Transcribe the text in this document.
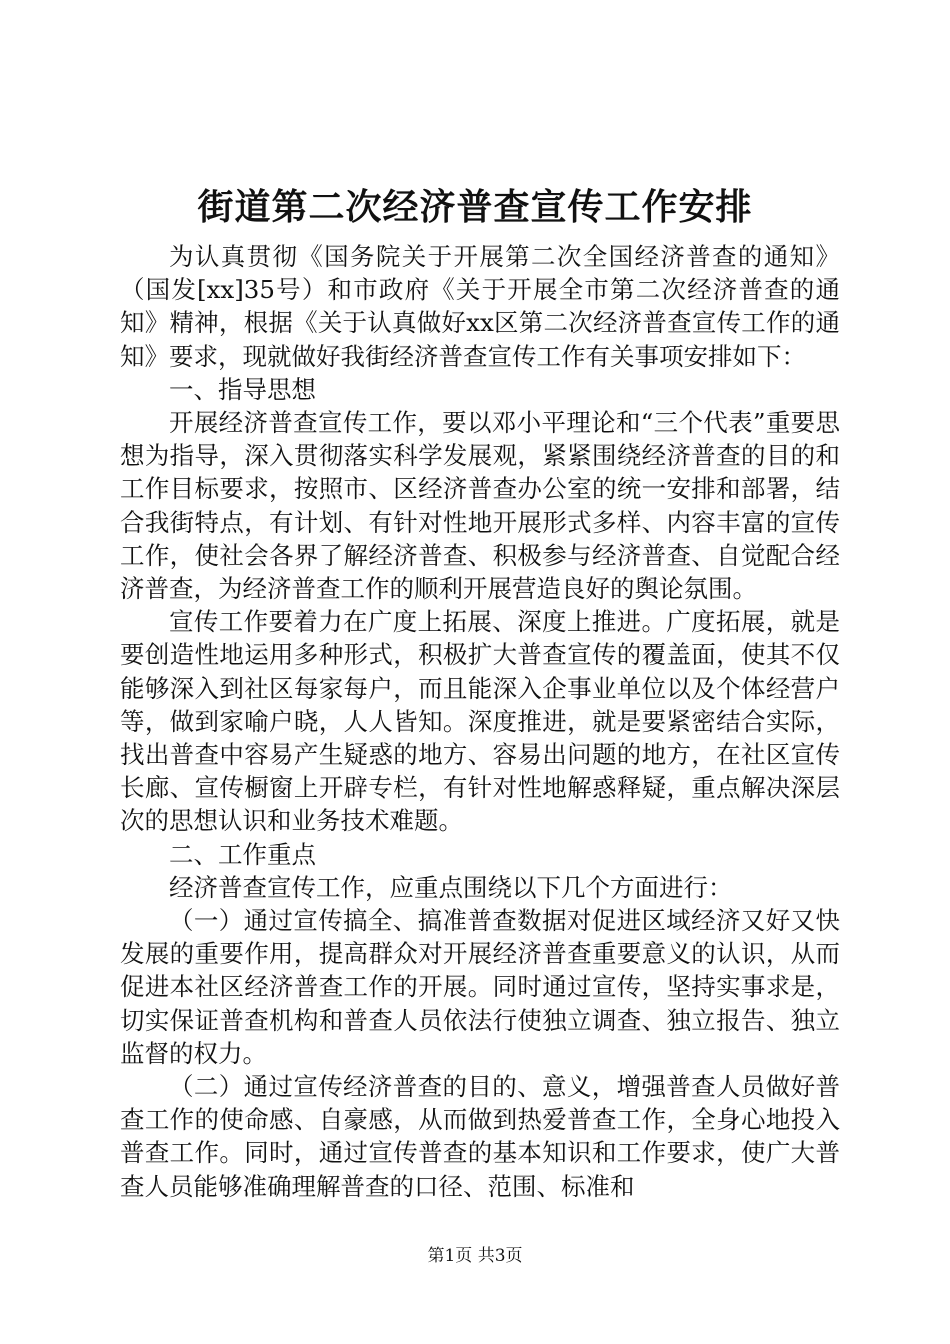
街道第二次经济普查宣传工作安排

为认真贯彻《国务院关于开展第二次全国经济普查的通知》（国发[xx]35号）和市政府《关于开展全市第二次经济普查的通知》精神，根据《关于认真做好xx区第二次经济普查宣传工作的通知》要求，现就做好我街经济普查宣传工作有关事项安排如下：

一、指导思想

开展经济普查宣传工作，要以邓小平理论和“三个代表”重要思想为指导，深入贯彻落实科学发展观，紧紧围绕经济普查的目的和工作目标要求，按照市、区经济普查办公室的统一安排和部署，结合我街特点，有计划、有针对性地开展形式多样、内容丰富的宣传工作，使社会各界了解经济普查、积极参与经济普查、自觉配合经济普查，为经济普查工作的顺利开展营造良好的舆论氛围。

宣传工作要着力在广度上拓展、深度上推进。广度拓展，就是要创造性地运用多种形式，积极扩大普查宣传的覆盖面，使其不仅能够深入到社区每家每户，而且能深入企事业单位以及个体经营户等，做到家喻户晓，人人皆知。深度推进，就是要紧密结合实际，找出普查中容易产生疑惑的地方、容易出问题的地方，在社区宣传长廊、宣传橱窗上开辟专栏，有针对性地解惑释疑，重点解决深层次的思想认识和业务技术难题。

二、工作重点

经济普查宣传工作，应重点围绕以下几个方面进行：

（一）通过宣传搞全、搞准普查数据对促进区域经济又好又快发展的重要作用，提高群众对开展经济普查重要意义的认识，从而促进本社区经济普查工作的开展。同时通过宣传，坚持实事求是，切实保证普查机构和普查人员依法行使独立调查、独立报告、独立监督的权力。

（二）通过宣传经济普查的目的、意义，增强普查人员做好普查工作的使命感、自豪感，从而做到热爱普查工作，全身心地投入普查工作。同时，通过宣传普查的基本知识和工作要求，使广大普查人员能够准确理解普查的口径、范围、标准和

第1页 共3页
